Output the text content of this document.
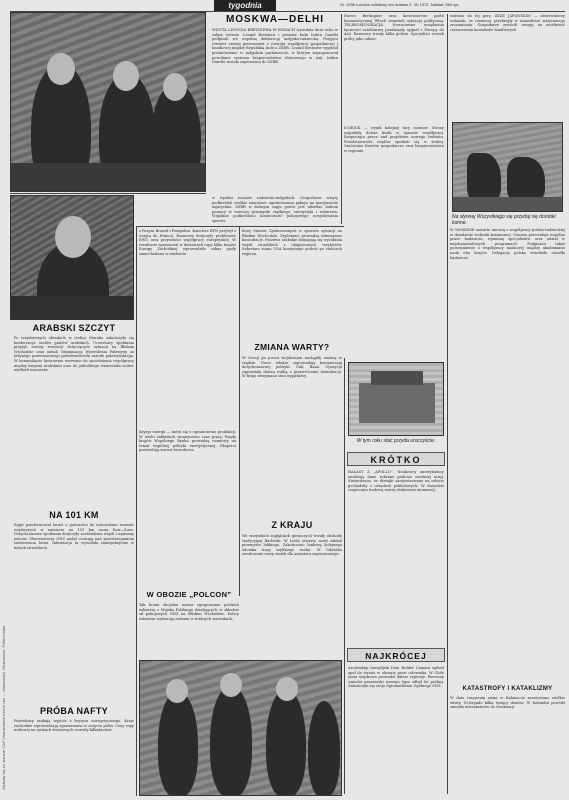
Wybrały się ze stanem CAF (Wzniesienie trzech dni — Warszawa). Drukowane: Politechnika.
tygodnia	Sr. 1096 rozmów odbiłemy dni działaw 2. XII 1972. Nakład: 960 tys.
MOSKWA—DELHI
WIZYTA LEONIDA BREŻNIEWA W INDIACH wywołała duże echo w całym świecie. Leonid Breżniew i premier Indii Indira Gandhi podpisali we wspólną deklarację indyjsko-radziecką. Przyjęto również szereg porozumień o rozwoju współpracy gospodarczej i handlowej między Republiką Indii a ZSRR. Leonid Breżniew wygłosił przemówienie w indyjskim parlamencie, w którym zaproponował powołanie systemu bezpieczeństwa zbiorowego w Azji. Indira Gandhi została zaproszona do ZSRR.
w wyniku rozmów radziecko-indyjskich. Gospodarze wizyty podkreślali wielkie znaczenie ugruntowania pokoju na kontynencie azjatyckim. ZSRR w dalszym ciągu gotów jest udzielać Indiom pomocy w rozwoju przemysłu ciężkiego, energetyki i rolnictwa. Wspólnie podkreślono konieczność pokojowego uregulowania sporów.
Enrico Berlinguer oraz kierownictwo partii komunistycznej Włoch omawiali sytuację polityczną. TELEKOMUNIKACJA. Nowoczesne urządzenia łączności satelitarnej przekazały sygnał z Europy do Azji. Rozmowy trwały kilka godzin. Specjaliści ocenili próby jako udane.
ŁUBOCK — wynik kolejnej tury rozmów. Strony uzgodniły dalsze kroki w sprawie współpracy. Rozpoczęto prace nad projektem nowego traktatu. Przedstawiciele rządów spotkali się w stolicy. Omówiono kwestie gospodarcze oraz bezpieczeństwa w regionie.
trafiono do tej pory. ZEZE JAPONSKIM — obserwatorzy wskazali, że rozmowy przebiegły w atmosferze wzajemnego zrozumienia. Gospodarze zwrócili uwagę na możliwość rozszerzenia kontaktów handlowych.
Na słynnej Wszystkiego się przydaj się dorobki konne.
ARABSKI SZCZYT
Po trzydniowych obradach w stolicy Maroka zakończyła się konferencja szefów państw arabskich. Uczestnicy spotkania przyjęli szereg rezolucji dotyczących sytuacji na Bliskim Wschodzie oraz uznali Organizację Wyzwolenia Palestyny za jedynego prawomocnego przedstawiciela narodu palestyńskiego. W komunikacie końcowym wezwano do zacieśnienia współpracy między krajami arabskimi oraz do jednolitego stanowiska wobec wielkich mocarstw.
NA 101 KM
Egipt poinformował Izrael o gotowości do wznowienia rozmów wojskowych w namiocie na 101 km szosy Kair—Suez. Dotychczasowe spotkania dotyczyły rozdzielenia wojsk i wymiany jeńców. Obserwatorzy ONZ nadal czuwają nad przestrzeganiem zawieszenia broni. Informacja ta wywołała zaniepokojenie w kołach izraelskich.
PRÓBA NAFTY
Pośrednicy szukają wyjścia z kryzysu energetycznego. Kraje zachodnie wprowadzają ograniczenia w zużyciu paliw. Ceny ropy naftowej na rynkach światowych wzrosły kilkakrotnie.
z Paryża Brandt i Pompidou. Kanclerz RFN przybył z wizytą do Francji. Rozmowy dotyczyły problemów EWG oraz przyszłości współpracy europejskiej. W rezultacie ograniczeń w dostawach ropy kilka krajów Europy Zachodniej wprowadziło zakaz jazdy samochodami w niedziele.
Kryzys energii — mówi się o ograniczeniu produkcji. W wielu zakładach zmniejszono czas pracy. Rządy krajów Wspólnego Rynku prowadzą rozmowy na temat wspólnej polityki energetycznej. Eksperci przewidują wzrost bezrobocia.
łonej Stanów Zjednoczonych w sprawie sytuacji na Bliskim Wschodzie. Dyplomaci prowadzą intensywne konsultacje. Państwa arabskie domagają się wycofania wojsk izraelskich z okupowanych terytoriów. Sekretarz stanu USA kontynuuje podróż po stolicach regionu.
ZMIANA WARTY?
W Grecji po puczu wojskowym nastąpiły zmiany w rządzie. Nowe władze zapowiadają kontynuację dotychczasowej polityki. Gali, Bana. Opozycja zapowiada dalszą walkę o przywrócenie demokracji. W kraju utrzymano stan wyjątkowy.
Z KRAJU
We wszystkich zagłębiach górniczych trwały obchody tradycyjnej Barbórki. W Łodzi otwarto nowy zakład przemysłu lekkiego. Zakończono budowę kolejnego odcinka trasy szybkiego ruchu. W Gdańsku zwodowano nowy statek dla armatora zagranicznego.
W OBOZIE „POLCON”
Tak brzmi oficjalna nazwa zgrupowania polskich żołnierzy z Wojska Polskiego działających w składzie sił pokojowych ONZ na Bliskim Wschodzie. Polscy żołnierze wykonują zadania w trudnych warunkach.
W tym roku stać przyda uroczyście.
KRÓTKO
HAŁASY Z „APOLLO”. Naukowcy amerykańscy analizują dane zebrane podczas ostatniej misji. Stwierdzono, że dźwięki zarejestrowane na orbicie pochodziły z urządzeń pokładowych. W Kanadzie rozpoczęto budowę nowej elektrowni atomowej.
NAJKRÓCEJ
Arcybiskup brazylijski Dom Helder Camara ogłosił apel do świata w obronie praw człowieka. W Chile junta wojskowa prowadzi dalsze represje. Pierwszy samolot pasażerski nowego typu odbył lot próbny. Zakończyła się sesja Zgromadzenia Ogólnego ONZ.
W MOSKWIE zawarto umowę o współpracy polsko-radzieckiej w dziedzinie techniki kosmicznej. Umowa przewiduje wspólne prace badawcze, wymianę specjalistów oraz udział w międzynarodowych programach. Podpisano także porozumienie o współpracy naukowej między akademiami nauk obu krajów. Delegacja polska zwiedziła ośrodki badawcze.
KATASTROFY I KATAKLIZMY
W dniu trzęsienia ziemi w Kalamacie zanotowano wielkie straty. Ucierpiało kilka tysięcy domów. W Kolumbii powódź zmusiła mieszkańców do ewakuacji.
